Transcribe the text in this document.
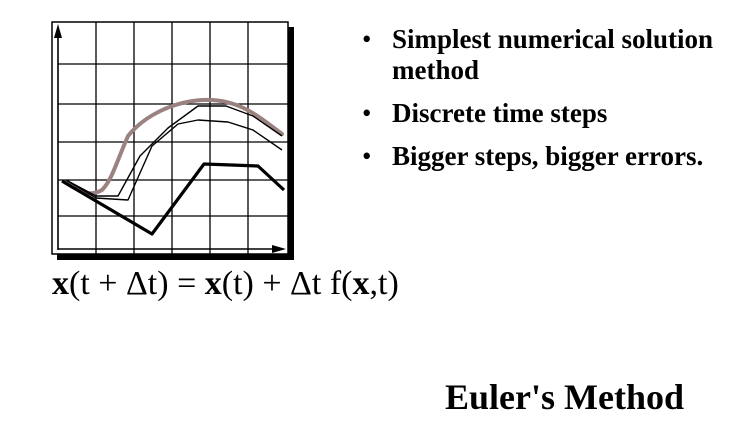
• Simplest numerical solution method
• Discrete time steps
• Bigger steps, bigger errors.
x(t + Δt) = x(t) + Δt f(x,t)
Euler's Method
